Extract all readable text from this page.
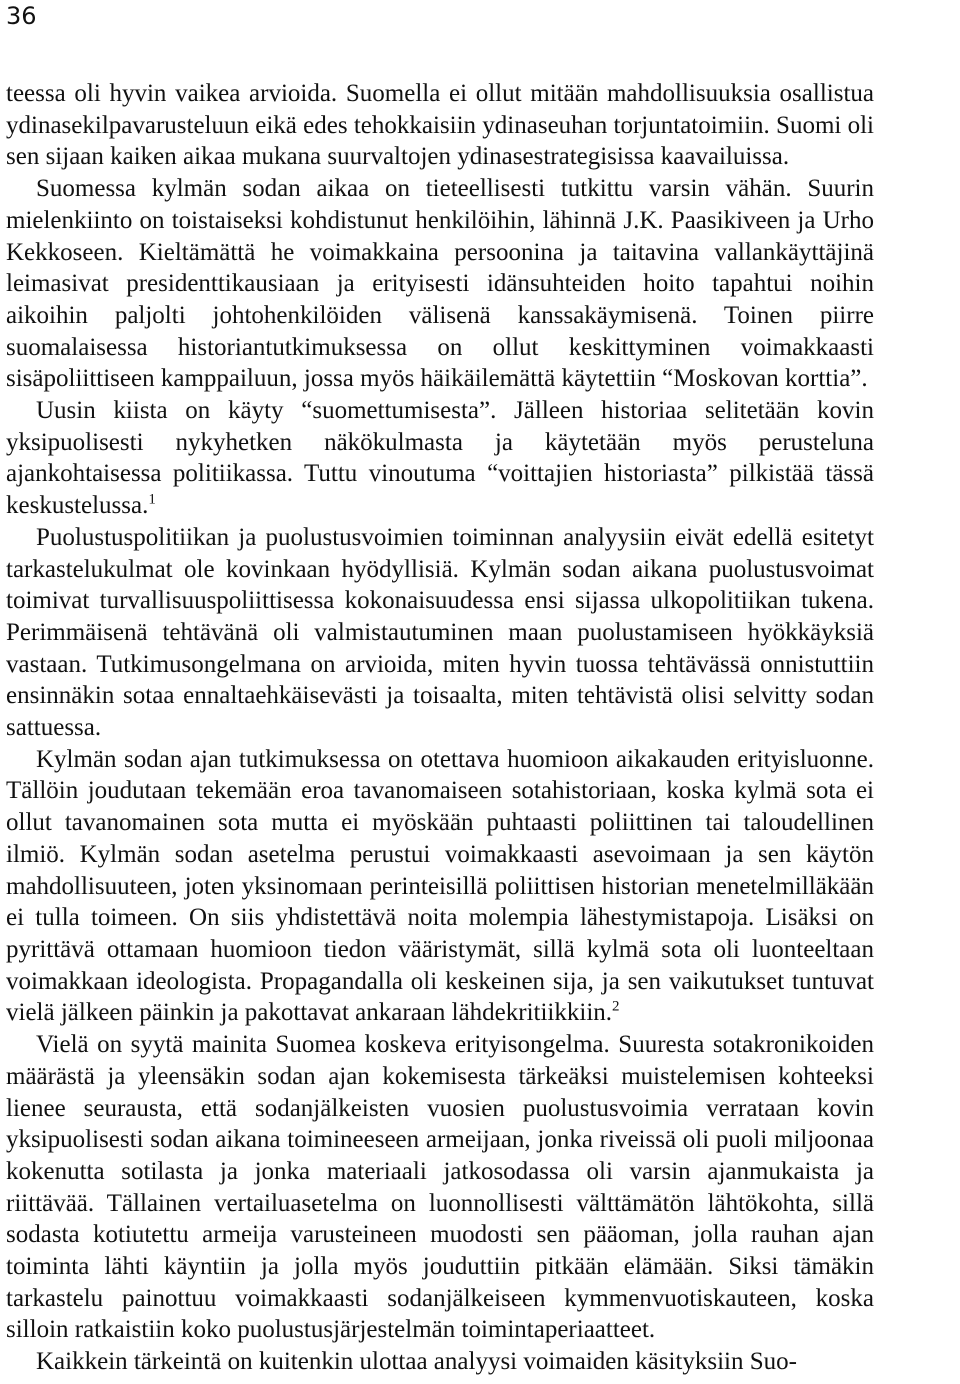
36

teessa oli hyvin vaikea arvioida. Suomella ei ollut mitään mahdollisuuksia osallistua ydinasekilpavarusteluun eikä edes tehokkaisiin ydinaseuhan torjuntatoimiin. Suomi oli sen sijaan kaiken aikaa mukana suurvaltojen ydinasestrategisissa kaavailuissa.

Suomessa kylmän sodan aikaa on tieteellisesti tutkittu varsin vähän. Suurin mielenkiinto on toistaiseksi kohdistunut henkilöihin, lähinnä J.K. Paasikiveen ja Urho Kekkoseen. Kieltämättä he voimakkaina persoonina ja taitavina vallankäyttäjinä leimasivat presidenttikausiaan ja erityisesti idänsuhteiden hoito tapahtui noihin aikoihin paljolti johtohenkilöiden välisenä kanssakäymisenä. Toinen piirre suomalaisessa historiantutkimuksessa on ollut keskittyminen voimakkaasti sisäpoliittiseen kamppailuun, jossa myös häikäilemättä käytettiin “Moskovan korttia”.

Uusin kiista on käyty “suomettumisesta”. Jälleen historiaa selitetään kovin yksipuolisesti nykyhetken näkökulmasta ja käytetään myös perusteluna ajankohtaisessa politiikassa. Tuttu vinoutuma “voittajien historiasta” pilkistää tässä keskustelussa.$^1$

Puolustuspolitiikan ja puolustusvoimien toiminnan analyysiin eivät edellä esitetyt tarkastelukulmat ole kovinkaan hyödyllisiä. Kylmän sodan aikana puolustusvoimat toimivat turvallisuuspoliittisessa kokonaisuudessa ensi sijassa ulkopolitiikan tukena. Perimmäisenä tehtävänä oli valmistautuminen maan puolustamiseen hyökkäyksiä vastaan. Tutkimusongelmana on arvioida, miten hyvin tuossa tehtävässä onnistuttiin ensinnäkin sotaa ennaltaehkäisevästi ja toisaalta, miten tehtävistä olisi selvitty sodan sattuessa.

Kylmän sodan ajan tutkimuksessa on otettava huomioon aikakauden erityisluonne. Tällöin joudutaan tekemään eroa tavanomaiseen sotahistoriaan, koska kylmä sota ei ollut tavanomainen sota mutta ei myöskään puhtaasti poliittinen tai taloudellinen ilmiö. Kylmän sodan asetelma perustui voimakkaasti asevoimaan ja sen käytön mahdollisuuteen, joten yksinomaan perinteisillä poliittisen historian menetelmilläkään ei tulla toimeen. On siis yhdistettävä noita molempia lähestymistapoja. Lisäksi on pyrittävä ottamaan huomioon tiedon vääristymät, sillä kylmä sota oli luonteeltaan voimakkaan ideologista. Propagandalla oli keskeinen sija, ja sen vaikutukset tuntuvat vielä jälkeen päinkin ja pakottavat ankaraan lähdekritiikkiin.$^2$

Vielä on syytä mainita Suomea koskeva erityisongelma. Suuresta sotakronikoiden määrästä ja yleensäkin sodan ajan kokemisesta tärkeäksi muistelemisen kohteeksi lienee seurausta, että sodanjälkeisten vuosien puolustusvoimia verrataan kovin yksipuolisesti sodan aikana toimineeseen armeijaan, jonka riveissä oli puoli miljoonaa kokenutta sotilasta ja jonka materiaali jatkosodassa oli varsin ajanmukaista ja riittävää. Tällainen vertailuasetelma on luonnollisesti välttämätön lähtökohta, sillä sodasta kotiutettu armeija varusteineen muodosti sen pääoman, jolla rauhan ajan toiminta lähti käyntiin ja jolla myös jouduttiin pitkään elämään. Siksi tämäkin tarkastelu painottuu voimakkaasti sodanjälkeiseen kymmenvuotiskauteen, koska silloin ratkaistiin koko puolustusjärjestelmän toimintaperiaatteet.

Kaikkein tärkeintä on kuitenkin ulottaa analyysi voimaiden käsityksiin Suo-
